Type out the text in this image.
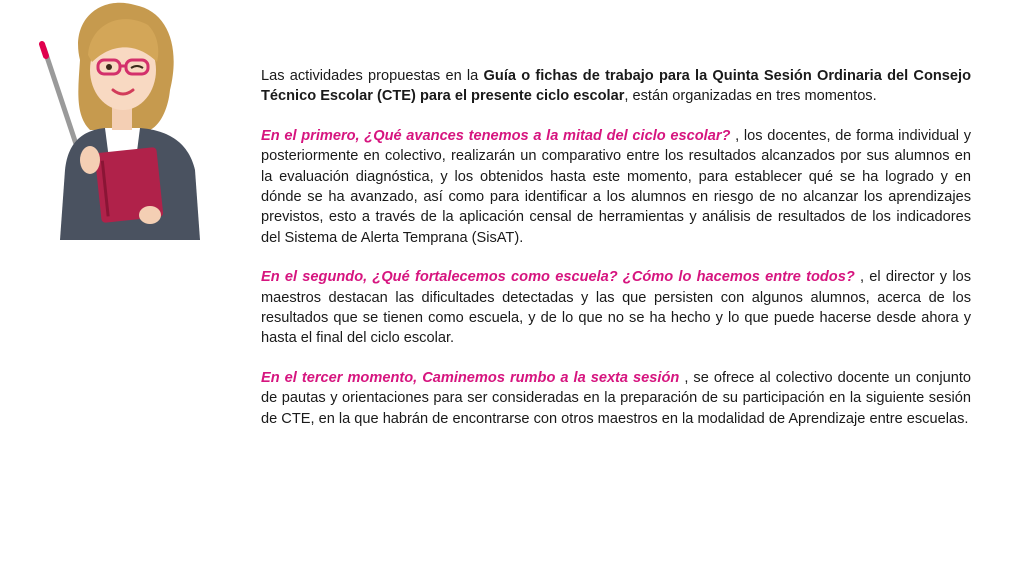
Las actividades propuestas en la Guía o fichas de trabajo para la Quinta Sesión Ordinaria del Consejo Técnico Escolar (CTE) para el presente ciclo escolar, están organizadas en tres momentos.

En el primero, ¿Qué avances tenemos a la mitad del ciclo escolar? , los docentes, de forma individual y posteriormente en colectivo, realizarán un comparativo entre los resultados alcanzados por sus alumnos en la evaluación diagnóstica, y los obtenidos hasta este momento, para establecer qué se ha logrado y en dónde se ha avanzado, así como para identificar a los alumnos en riesgo de no alcanzar los aprendizajes previstos, esto a través de la aplicación censal de herramientas y análisis de resultados de los indicadores del Sistema de Alerta Temprana (SisAT).

En el segundo, ¿Qué fortalecemos como escuela? ¿Cómo lo hacemos entre todos? , el director y los maestros destacan las dificultades detectadas y las que persisten con algunos alumnos, acerca de los resultados que se tienen como escuela, y de lo que no se ha hecho y lo que puede hacerse desde ahora y hasta el final del ciclo escolar.

En el tercer momento, Caminemos rumbo a la sexta sesión , se ofrece al colectivo docente un conjunto de pautas y orientaciones para ser consideradas en la preparación de su participación en la siguiente sesión de CTE, en la que habrán de encontrarse con otros maestros en la modalidad de Aprendizaje entre escuelas.
